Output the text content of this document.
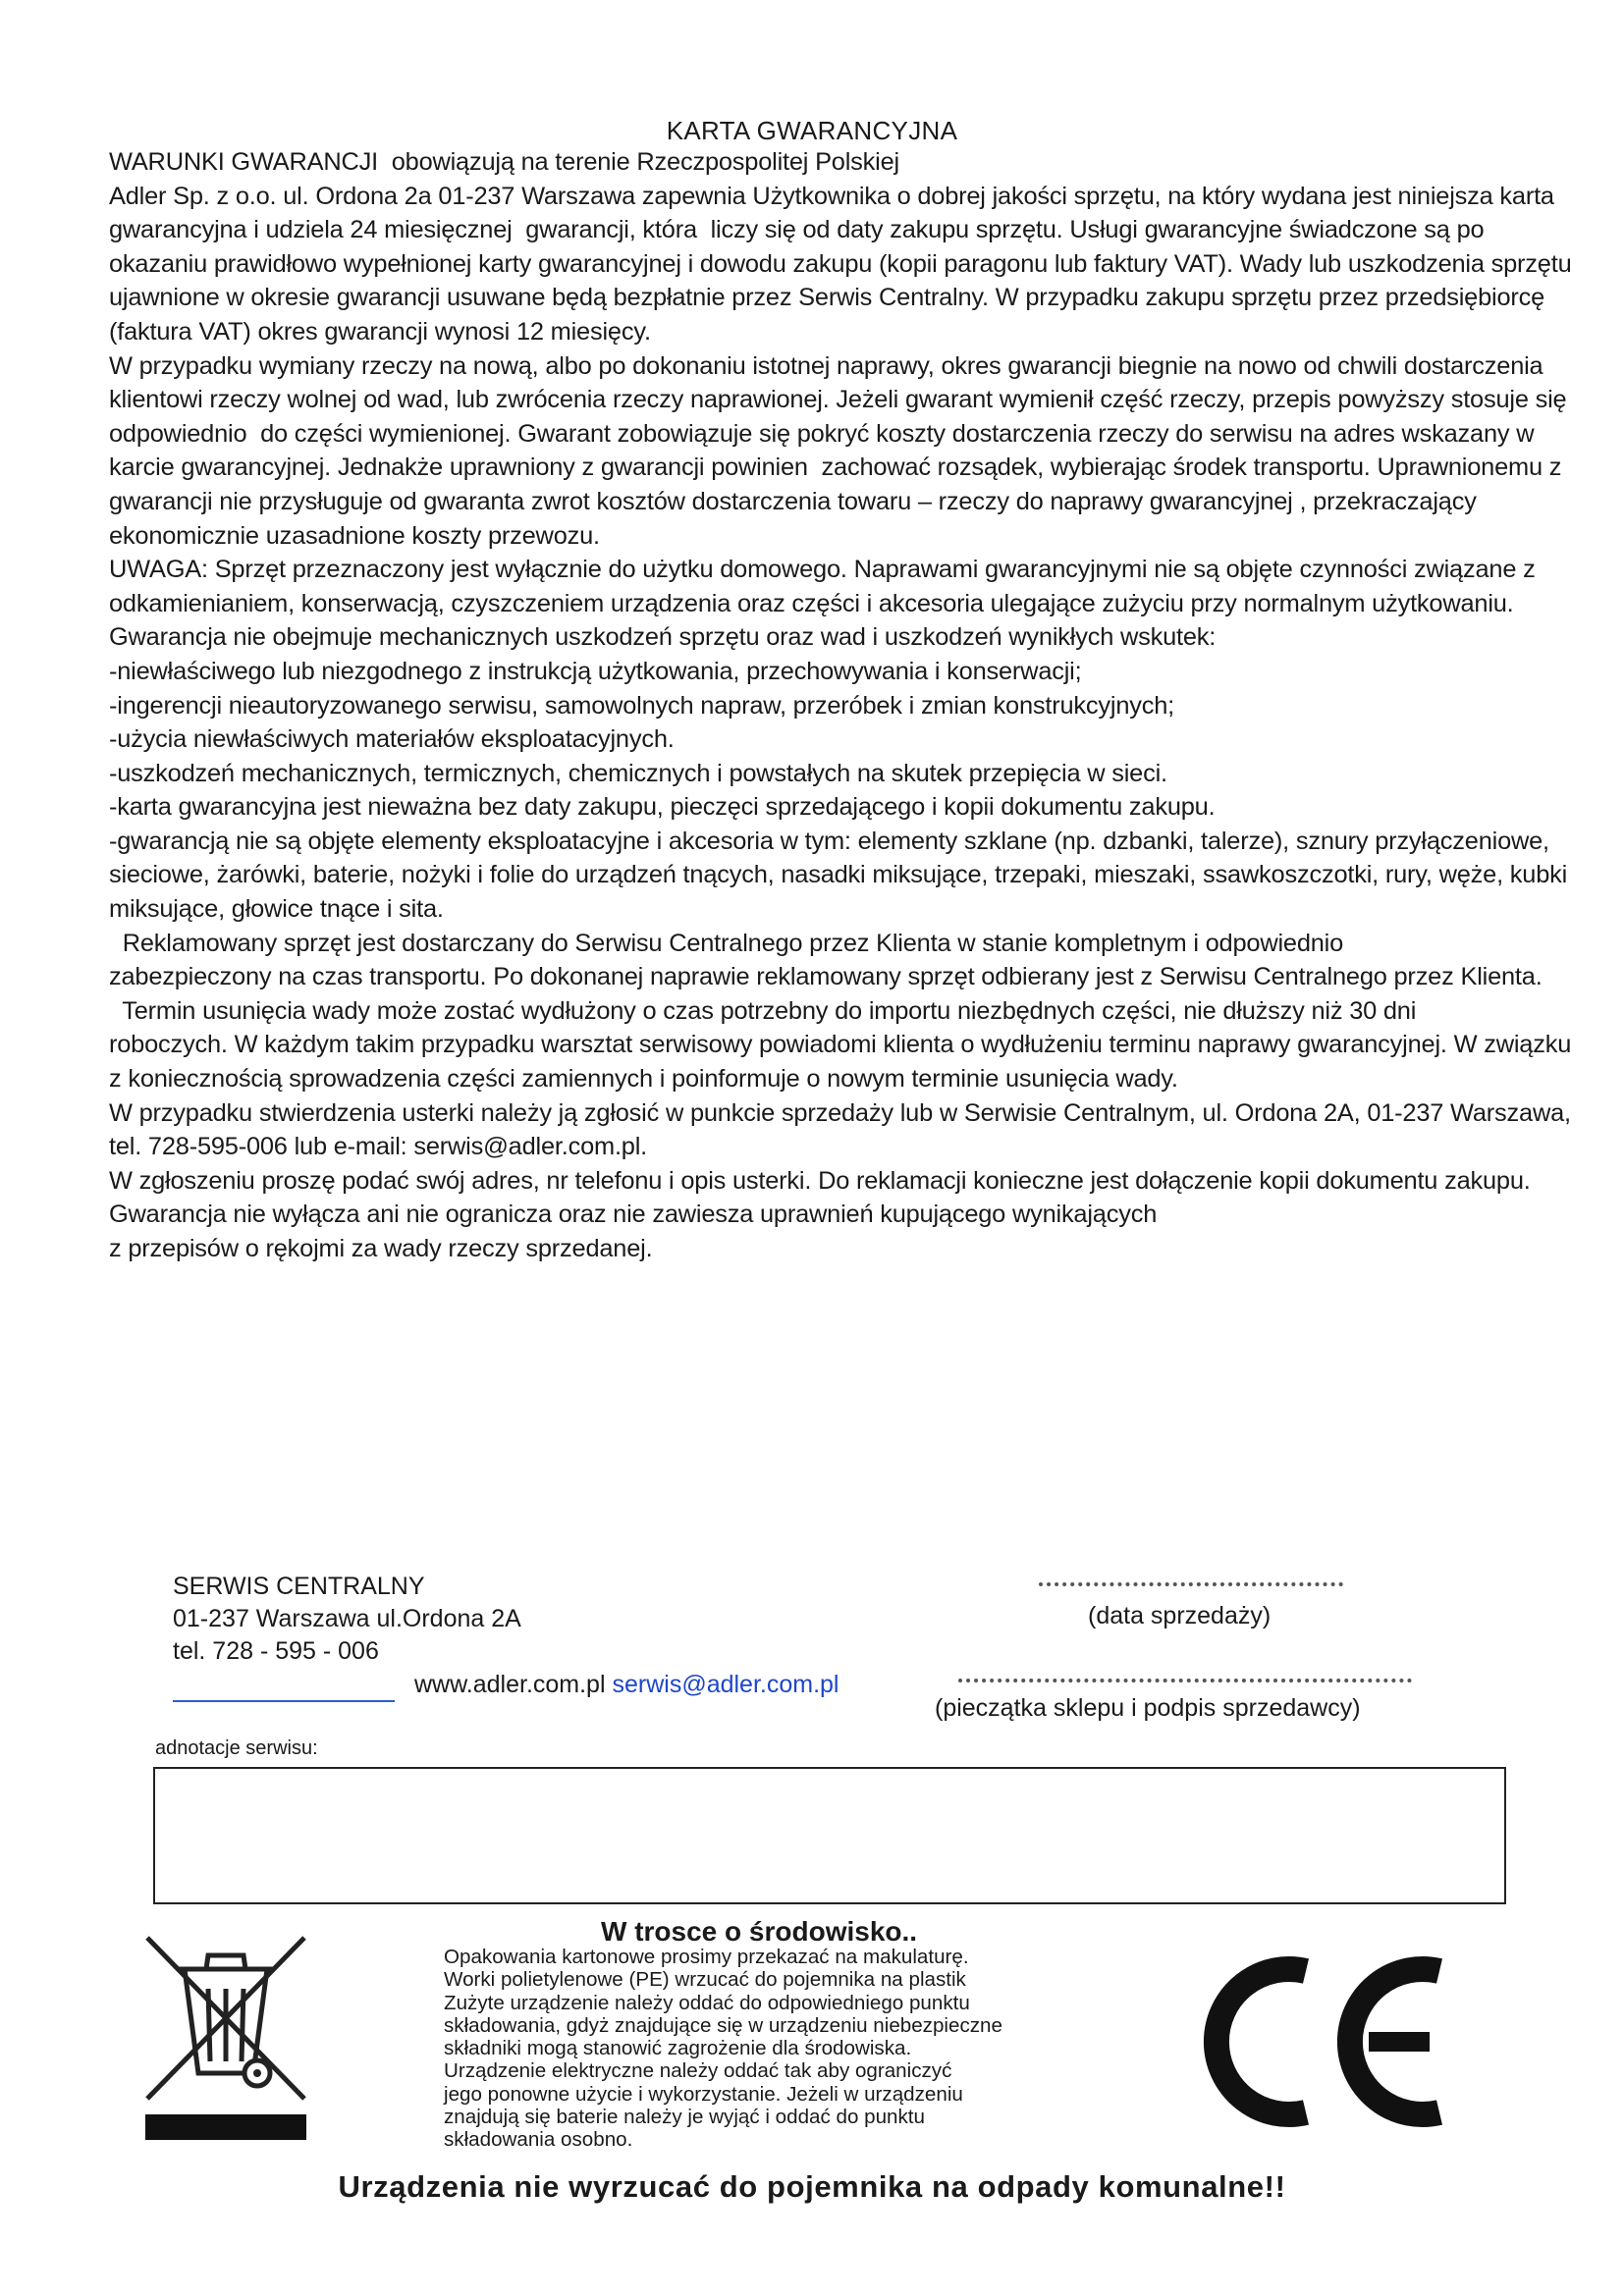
KARTA GWARANCYJNA
WARUNKI GWARANCJI  obowiązują na terenie Rzeczpospolitej Polskiej
Adler Sp. z o.o. ul. Ordona 2a 01-237 Warszawa zapewnia Użytkownika o dobrej jakości sprzętu, na który wydana jest niniejsza karta
gwarancyjna i udziela 24 miesięcznej  gwarancji, która  liczy się od daty zakupu sprzętu. Usługi gwarancyjne świadczone są po
okazaniu prawidłowo wypełnionej karty gwarancyjnej i dowodu zakupu (kopii paragonu lub faktury VAT). Wady lub uszkodzenia sprzętu
ujawnione w okresie gwarancji usuwane będą bezpłatnie przez Serwis Centralny. W przypadku zakupu sprzętu przez przedsiębiorcę
(faktura VAT) okres gwarancji wynosi 12 miesięcy.
W przypadku wymiany rzeczy na nową, albo po dokonaniu istotnej naprawy, okres gwarancji biegnie na nowo od chwili dostarczenia
klientowi rzeczy wolnej od wad, lub zwrócenia rzeczy naprawionej. Jeżeli gwarant wymienił część rzeczy, przepis powyższy stosuje się
odpowiednio  do części wymienionej. Gwarant zobowiązuje się pokryć koszty dostarczenia rzeczy do serwisu na adres wskazany w
karcie gwarancyjnej. Jednakże uprawniony z gwarancji powinien  zachować rozsądek, wybierając środek transportu. Uprawnionemu z
gwarancji nie przysługuje od gwaranta zwrot kosztów dostarczenia towaru – rzeczy do naprawy gwarancyjnej , przekraczający
ekonomicznie uzasadnione koszty przewozu.
UWAGA: Sprzęt przeznaczony jest wyłącznie do użytku domowego. Naprawami gwarancyjnymi nie są objęte czynności związane z
odkamienianiem, konserwacją, czyszczeniem urządzenia oraz części i akcesoria ulegające zużyciu przy normalnym użytkowaniu.
Gwarancja nie obejmuje mechanicznych uszkodzeń sprzętu oraz wad i uszkodzeń wynikłych wskutek:
-niewłaściwego lub niezgodnego z instrukcją użytkowania, przechowywania i konserwacji;
-ingerencji nieautoryzowanego serwisu, samowolnych napraw, przeróbek i zmian konstrukcyjnych;
-użycia niewłaściwych materiałów eksploatacyjnych.
-uszkodzeń mechanicznych, termicznych, chemicznych i powstałych na skutek przepięcia w sieci.
-karta gwarancyjna jest nieważna bez daty zakupu, pieczęci sprzedającego i kopii dokumentu zakupu.
-gwarancją nie są objęte elementy eksploatacyjne i akcesoria w tym: elementy szklane (np. dzbanki, talerze), sznury przyłączeniowe,
sieciowe, żarówki, baterie, nożyki i folie do urządzeń tnących, nasadki miksujące, trzepaki, mieszaki, ssawkoszczotki, rury, węże, kubki
miksujące, głowice tnące i sita.
Reklamowany sprzęt jest dostarczany do Serwisu Centralnego przez Klienta w stanie kompletnym i odpowiednio
zabezpieczony na czas transportu. Po dokonanej naprawie reklamowany sprzęt odbierany jest z Serwisu Centralnego przez Klienta.
Termin usunięcia wady może zostać wydłużony o czas potrzebny do importu niezbędnych części, nie dłuższy niż 30 dni
roboczych. W każdym takim przypadku warsztat serwisowy powiadomi klienta o wydłużeniu terminu naprawy gwarancyjnej. W związku
z koniecznością sprowadzenia części zamiennych i poinformuje o nowym terminie usunięcia wady.
W przypadku stwierdzenia usterki należy ją zgłosić w punkcie sprzedaży lub w Serwisie Centralnym, ul. Ordona 2A, 01-237 Warszawa,
tel. 728-595-006 lub e-mail: serwis@adler.com.pl.
W zgłoszeniu proszę podać swój adres, nr telefonu i opis usterki. Do reklamacji konieczne jest dołączenie kopii dokumentu zakupu.
Gwarancja nie wyłącza ani nie ogranicza oraz nie zawiesza uprawnień kupującego wynikających
z przepisów o rękojmi za wady rzeczy sprzedanej.
SERWIS CENTRALNY
01-237 Warszawa ul.Ordona 2A
tel. 728 - 595 - 006
www.adler.com.pl serwis@adler.com.pl
(data sprzedaży)
(pieczątka sklepu i podpis sprzedawcy)
adnotacje serwisu:
W trosce o środowisko..
Opakowania kartonowe prosimy przekazać na makulaturę.
Worki polietylenowe (PE) wrzucać do pojemnika na plastik
Zużyte urządzenie należy oddać do odpowiedniego punktu
składowania, gdyż znajdujące się w urządzeniu niebezpieczne
składniki mogą stanowić zagrożenie dla środowiska.
Urządzenie elektryczne należy oddać tak aby ograniczyć
jego ponowne użycie i wykorzystanie. Jeżeli w urządzeniu
znajdują się baterie należy je wyjąć i oddać do punktu
składowania osobno.
Urządzenia nie wyrzucać do pojemnika na odpady komunalne!!
